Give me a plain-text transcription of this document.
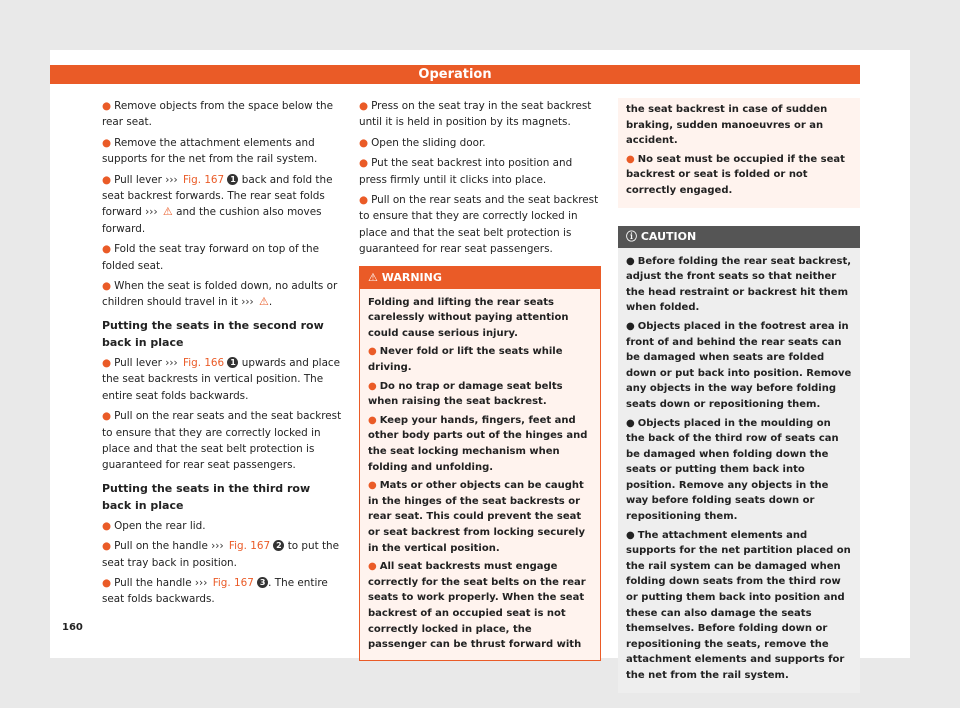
Operation

● Remove objects from the space below the rear seat.

● Remove the attachment elements and supports for the net from the rail system.

● Pull lever ››› Fig. 167 1 back and fold the seat backrest forwards. The rear seat folds forward ››› ⚠ and the cushion also moves forward.

● Fold the seat tray forward on top of the folded seat.

● When the seat is folded down, no adults or children should travel in it ››› ⚠.

Putting the seats in the second row back in place

● Pull lever ››› Fig. 166 1 upwards and place the seat backrests in vertical position. The entire seat folds backwards.

● Pull on the rear seats and the seat backrest to ensure that they are correctly locked in place and that the seat belt protection is guaranteed for rear seat passengers.

Putting the seats in the third row back in place

● Open the rear lid.

● Pull on the handle ››› Fig. 167 2 to put the seat tray back in position.

● Pull the handle ››› Fig. 167 3 . The entire seat folds backwards.

● Press on the seat tray in the seat backrest until it is held in position by its magnets.

● Open the sliding door.

● Put the seat backrest into position and press firmly until it clicks into place.

● Pull on the rear seats and the seat backrest to ensure that they are correctly locked in place and that the seat belt protection is guaranteed for rear seat passengers.

⚠ WARNING

Folding and lifting the rear seats carelessly without paying attention could cause serious injury.

● Never fold or lift the seats while driving.

● Do no trap or damage seat belts when raising the seat backrest.

● Keep your hands, fingers, feet and other body parts out of the hinges and the seat locking mechanism when folding and unfolding.

● Mats or other objects can be caught in the hinges of the seat backrests or rear seat. This could prevent the seat or seat backrest from locking securely in the vertical position.

● All seat backrests must engage correctly for the seat belts on the rear seats to work properly. When the seat backrest of an occupied seat is not correctly locked in place, the passenger can be thrust forward with

the seat backrest in case of sudden braking, sudden manoeuvres or an accident.

● No seat must be occupied if the seat backrest or seat is folded or not correctly engaged.

ⓘ CAUTION

● Before folding the rear seat backrest, adjust the front seats so that neither the head restraint or backrest hit them when folded.

● Objects placed in the footrest area in front of and behind the rear seats can be damaged when seats are folded down or put back into position. Remove any objects in the way before folding seats down or repositioning them.

● Objects placed in the moulding on the back of the third row of seats can be damaged when folding down the seats or putting them back into position. Remove any objects in the way before folding seats down or repositioning them.

● The attachment elements and supports for the net partition placed on the rail system can be damaged when folding down seats from the third row or putting them back into position and these can also damage the seats themselves. Before folding down or repositioning the seats, remove the attachment elements and supports for the net from the rail system.

160
